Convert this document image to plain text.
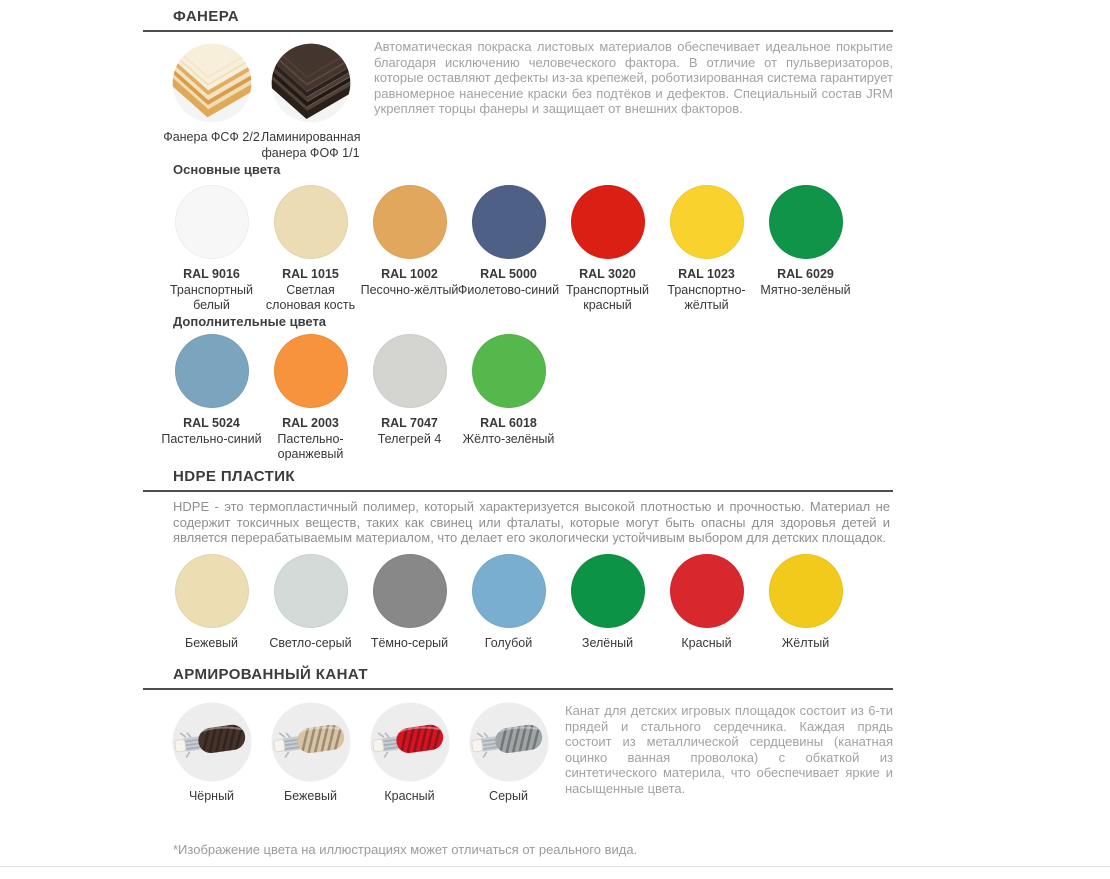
ФАНЕРА
Фанера ФСФ 2/2 Ламинированная фанера ФОФ 1/1
Автоматическая покраска листовых материалов обеспечивает идеальное покрытие благодаря исключению человеческого фактора. В отличие от пульверизаторов, которые оставляют дефекты из-за крепежей, роботизированная система гарантирует равномерное нанесение краски без подтёков и дефектов. Специальный состав JRM укрепляет торцы фанеры и защищает от внешних факторов.
Основные цвета
RAL 9016
Транспортный белый
RAL 1015
Светлая слоновая кость
RAL 1002
Песочно-жёлтый
RAL 5000
Фиолетово-синий
RAL 3020
Транспортный красный
RAL 1023
Транспортно-жёлтый
RAL 6029
Мятно-зелёный
Дополнительные цвета
RAL 5024
Пастельно-синий
RAL 2003
Пастельно-оранжевый
RAL 7047
Телегрей 4
RAL 6018
Жёлто-зелёный
HDPE ПЛАСТИК
HDPE - это термопластичный полимер, который характеризуется высокой плотностью и прочностью. Материал не содержит токсичных веществ, таких как свинец или фталаты, которые могут быть опасны для здоровья детей и является перерабатываемым материалом, что делает его экологически устойчивым выбором для детских площадок.
Бежевый	Светло-серый	Тёмно-серый	Голубой	Зелёный	Красный	Жёлтый
АРМИРОВАННЫЙ КАНАТ
Чёрный	Бежевый	Красный	Серый
Канат для детских игровых площадок состоит из 6-ти прядей и стального сердечника. Каждая прядь состоит из металлической сердцевины (канатная оцинко ванная проволока) с обкаткой из синтетического материла, что обеспечивает яркие и насыщенные цвета.
*Изображение цвета на иллюстрациях может отличаться от реального вида.
